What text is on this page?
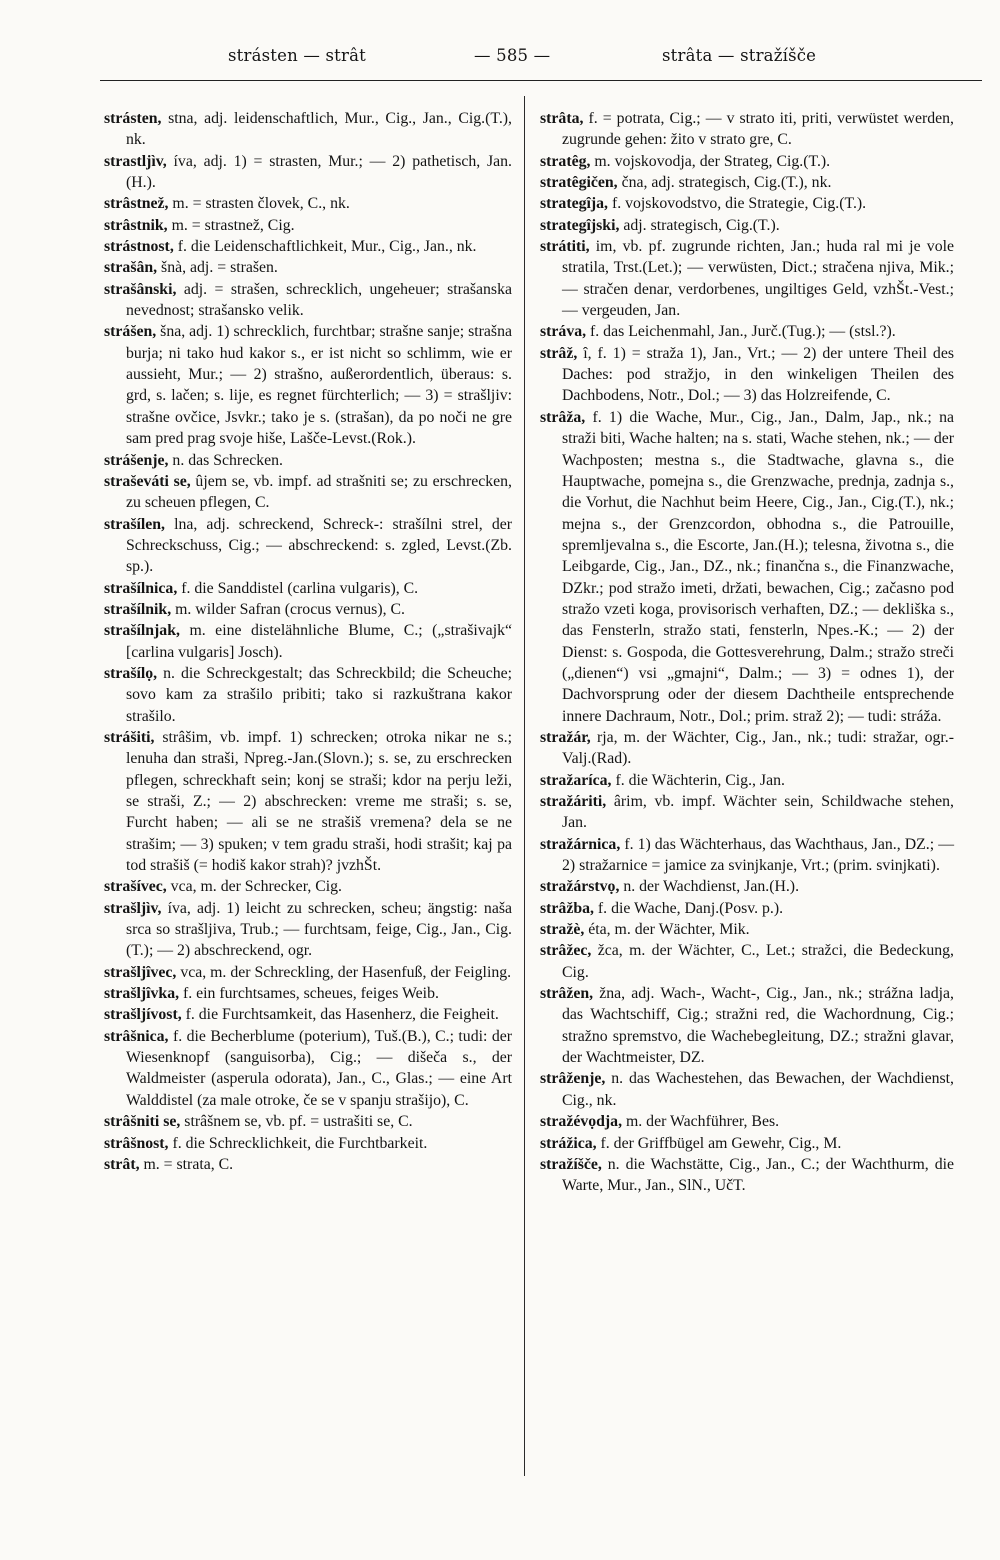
strásten — strât	— 585 —	strâta — stražíšče

strásten, stna, adj. leidenschaftlich, Mur., Cig., Jan., Cig.(T.), nk.

strastljìv, íva, adj. 1) = strasten, Mur.; — 2) pathetisch, Jan.(H.).

strâstnež, m. = strasten človek, C., nk.

strâstnik, m. = strastnež, Cig.

strástnost, f. die Leidenschaftlichkeit, Mur., Cig., Jan., nk.

strašân, šnà, adj. = strašen.

strašânski, adj. = strašen, schrecklich, ungeheuer; strašanska nevednost; strašansko velik.

strášen, šna, adj. 1) schrecklich, furchtbar; strašne sanje; strašna burja; ni tako hud kakor s., er ist nicht so schlimm, wie er aussieht, Mur.; — 2) strašno, außerordentlich, überaus: s. grd, s. lačen; s. lije, es regnet fürchterlich; — 3) = strašljiv: strašne ovčice, Jsvkr.; tako je s. (strašan), da po noči ne gre sam pred prag svoje hiše, Lašče-Levst.(Rok.).

strášenje, n. das Schrecken.

straševáti se, ûjem se, vb. impf. ad strašniti se; zu erschrecken, zu scheuen pflegen, C.

strašílen, lna, adj. schreckend, Schreck-: strašílni strel, der Schreckschuss, Cig.; — abschreckend: s. zgled, Levst.(Zb. sp.).

strašílnica, f. die Sanddistel (carlina vulgaris), C.

strašílnik, m. wilder Safran (crocus vernus), C.

strašílnjak, m. eine distelähnliche Blume, C.; („strašivajk“ [carlina vulgaris] Josch).

strašílọ, n. die Schreckgestalt; das Schreckbild; die Scheuche; sovo kam za strašilo pribiti; tako si razkuštrana kakor strašilo.

strášiti, strâšim, vb. impf. 1) schrecken; otroka nikar ne s.; lenuha dan straši, Npreg.-Jan.(Slovn.); s. se, zu erschrecken pflegen, schreckhaft sein; konj se straši; kdor na perju leži, se straši, Z.; — 2) abschrecken: vreme me straši; s. se, Furcht haben; — ali se ne strašiš vremena? dela se ne strašim; — 3) spuken; v tem gradu straši, hodi strašit; kaj pa tod strašiš (= hodiš kakor strah)? jvzhŠt.

strašívec, vca, m. der Schrecker, Cig.

strašljìv, íva, adj. 1) leicht zu schrecken, scheu; ängstig: naša srca so strašljiva, Trub.; — furchtsam, feige, Cig., Jan., Cig.(T.); — 2) abschreckend, ogr.

strašljîvec, vca, m. der Schreckling, der Hasenfuß, der Feigling.

strašljîvka, f. ein furchtsames, scheues, feiges Weib.

strašljívost, f. die Furchtsamkeit, das Hasenherz, die Feigheit.

strâšnica, f. die Becherblume (poterium), Tuš.(B.), C.; tudi: der Wiesenknopf (sanguisorba), Cig.; — dišeča s., der Waldmeister (asperula odorata), Jan., C., Glas.; — eine Art Walddistel (za male otroke, če se v spanju strašijo), C.

strâšniti se, strâšnem se, vb. pf. = ustrašiti se, C.

strâšnost, f. die Schrecklichkeit, die Furchtbarkeit.

strât, m. = strata, C.

strâta, f. = potrata, Cig.; — v strato iti, priti, verwüstet werden, zugrunde gehen: žito v strato gre, C.

stratêg, m. vojskovodja, der Strateg, Cig.(T.).

stratêgičen, čna, adj. strategisch, Cig.(T.), nk.

strategîja, f. vojskovodstvo, die Strategie, Cig.(T.).

strategîjski, adj. strategisch, Cig.(T.).

strátiti, im, vb. pf. zugrunde richten, Jan.; huda ral mi je vole stratila, Trst.(Let.); — verwüsten, Dict.; stračena njiva, Mik.; — stračen denar, verdorbenes, ungiltiges Geld, vzhŠt.-Vest.; — vergeuden, Jan.

stráva, f. das Leichenmahl, Jan., Jurč.(Tug.); — (stsl.?).

strâž, î, f. 1) = straža 1), Jan., Vrt.; — 2) der untere Theil des Daches: pod stražjo, in den winkeligen Theilen des Dachbodens, Notr., Dol.; — 3) das Holzreifende, C.

strâža, f. 1) die Wache, Mur., Cig., Jan., Dalm, Jap., nk.; na straži biti, Wache halten; na s. stati, Wache stehen, nk.; — der Wachposten; mestna s., die Stadtwache, glavna s., die Hauptwache, pomejna s., die Grenzwache, prednja, zadnja s., die Vorhut, die Nachhut beim Heere, Cig., Jan., Cig.(T.), nk.; mejna s., der Grenzcordon, obhodna s., die Patrouille, spremljevalna s., die Escorte, Jan.(H.); telesna, životna s., die Leibgarde, Cig., Jan., DZ., nk.; finančna s., die Finanzwache, DZkr.; pod stražo imeti, držati, bewachen, Cig.; začasno pod stražo vzeti koga, provisorisch verhaften, DZ.; — dekliška s., das Fensterln, stražo stati, fensterln, Npes.-K.; — 2) der Dienst: s. Gospoda, die Gottesverehrung, Dalm.; stražo streči („dienen“) vsi „gmajni“, Dalm.; — 3) = odnes 1), der Dachvorsprung oder der diesem Dachtheile entsprechende innere Dachraum, Notr., Dol.; prim. straž 2); — tudi: stráža.

stražár, rja, m. der Wächter, Cig., Jan., nk.; tudi: stražar, ogr.-Valj.(Rad).

stražaríca, f. die Wächterin, Cig., Jan.

stražáriti, ârim, vb. impf. Wächter sein, Schildwache stehen, Jan.

stražárnica, f. 1) das Wächterhaus, das Wachthaus, Jan., DZ.; — 2) stražarnice = jamice za svinjkanje, Vrt.; (prim. svinjkati).

stražárstvọ, n. der Wachdienst, Jan.(H.).

strâžba, f. die Wache, Danj.(Posv. p.).

stražè, éta, m. der Wächter, Mik.

strâžec, žca, m. der Wächter, C., Let.; stražci, die Bedeckung, Cig.

strâžen, žna, adj. Wach-, Wacht-, Cig., Jan., nk.; strážna ladja, das Wachtschiff, Cig.; stražni red, die Wachordnung, Cig.; stražno spremstvo, die Wachebegleitung, DZ.; stražni glavar, der Wachtmeister, DZ.

strâženje, n. das Wachestehen, das Bewachen, der Wachdienst, Cig., nk.

stražévọdja, m. der Wachführer, Bes.

strážica, f. der Griffbügel am Gewehr, Cig., M.

stražíšče, n. die Wachstätte, Cig., Jan., C.; der Wachthurm, die Warte, Mur., Jan., SlN., UčT.
